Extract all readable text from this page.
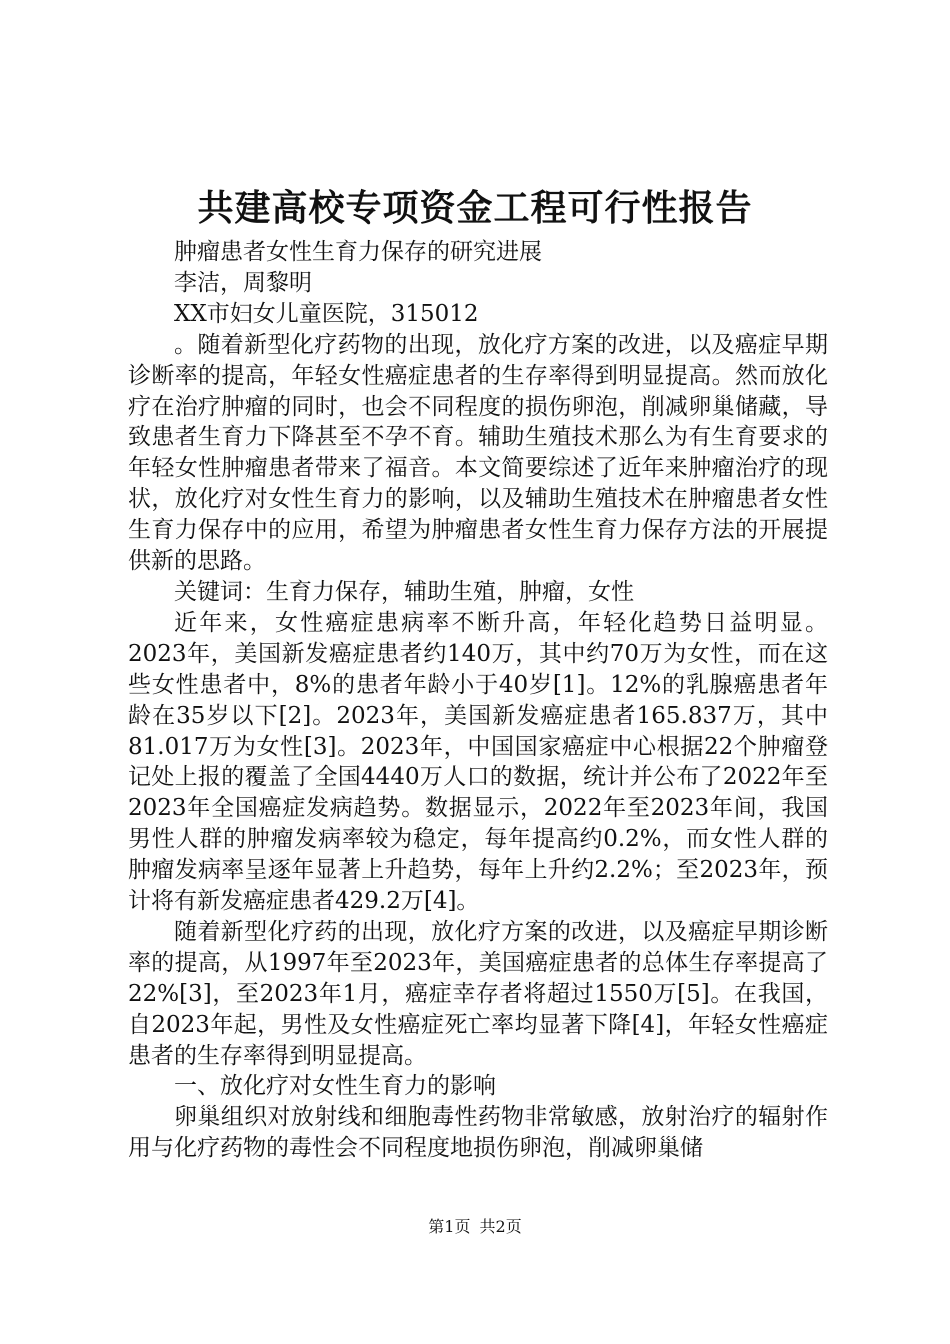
共建高校专项资金工程可行性报告

肿瘤患者女性生育力保存的研究进展

李洁，周黎明

XX市妇女儿童医院，315012

。随着新型化疗药物的出现，放化疗方案的改进，以及癌症早期诊断率的提高，年轻女性癌症患者的生存率得到明显提高。然而放化疗在治疗肿瘤的同时，也会不同程度的损伤卵泡，削减卵巢储藏，导致患者生育力下降甚至不孕不育。辅助生殖技术那么为有生育要求的年轻女性肿瘤患者带来了福音。本文简要综述了近年来肿瘤治疗的现状，放化疗对女性生育力的影响，以及辅助生殖技术在肿瘤患者女性生育力保存中的应用，希望为肿瘤患者女性生育力保存方法的开展提供新的思路。

关键词：生育力保存，辅助生殖，肿瘤，女性

近年来，女性癌症患病率不断升高，年轻化趋势日益明显。2023年，美国新发癌症患者约140万，其中约70万为女性，而在这些女性患者中，8%的患者年龄小于40岁[1]。12%的乳腺癌患者年龄在35岁以下[2]。2023年，美国新发癌症患者165.837万，其中81.017万为女性[3]。2023年，中国国家癌症中心根据22个肿瘤登记处上报的覆盖了全国4440万人口的数据，统计并公布了2022年至2023年全国癌症发病趋势。数据显示，2022年至2023年间，我国男性人群的肿瘤发病率较为稳定，每年提高约0.2%，而女性人群的肿瘤发病率呈逐年显著上升趋势，每年上升约2.2%；至2023年，预计将有新发癌症患者429.2万[4]。

随着新型化疗药的出现，放化疗方案的改进，以及癌症早期诊断率的提高，从1997年至2023年，美国癌症患者的总体生存率提高了22%[3]，至2023年1月，癌症幸存者将超过1550万[5]。在我国，自2023年起，男性及女性癌症死亡率均显著下降[4]，年轻女性癌症患者的生存率得到明显提高。

一、放化疗对女性生育力的影响

卵巢组织对放射线和细胞毒性药物非常敏感，放射治疗的辐射作用与化疗药物的毒性会不同程度地损伤卵泡，削减卵巢储

第1页 共2页
